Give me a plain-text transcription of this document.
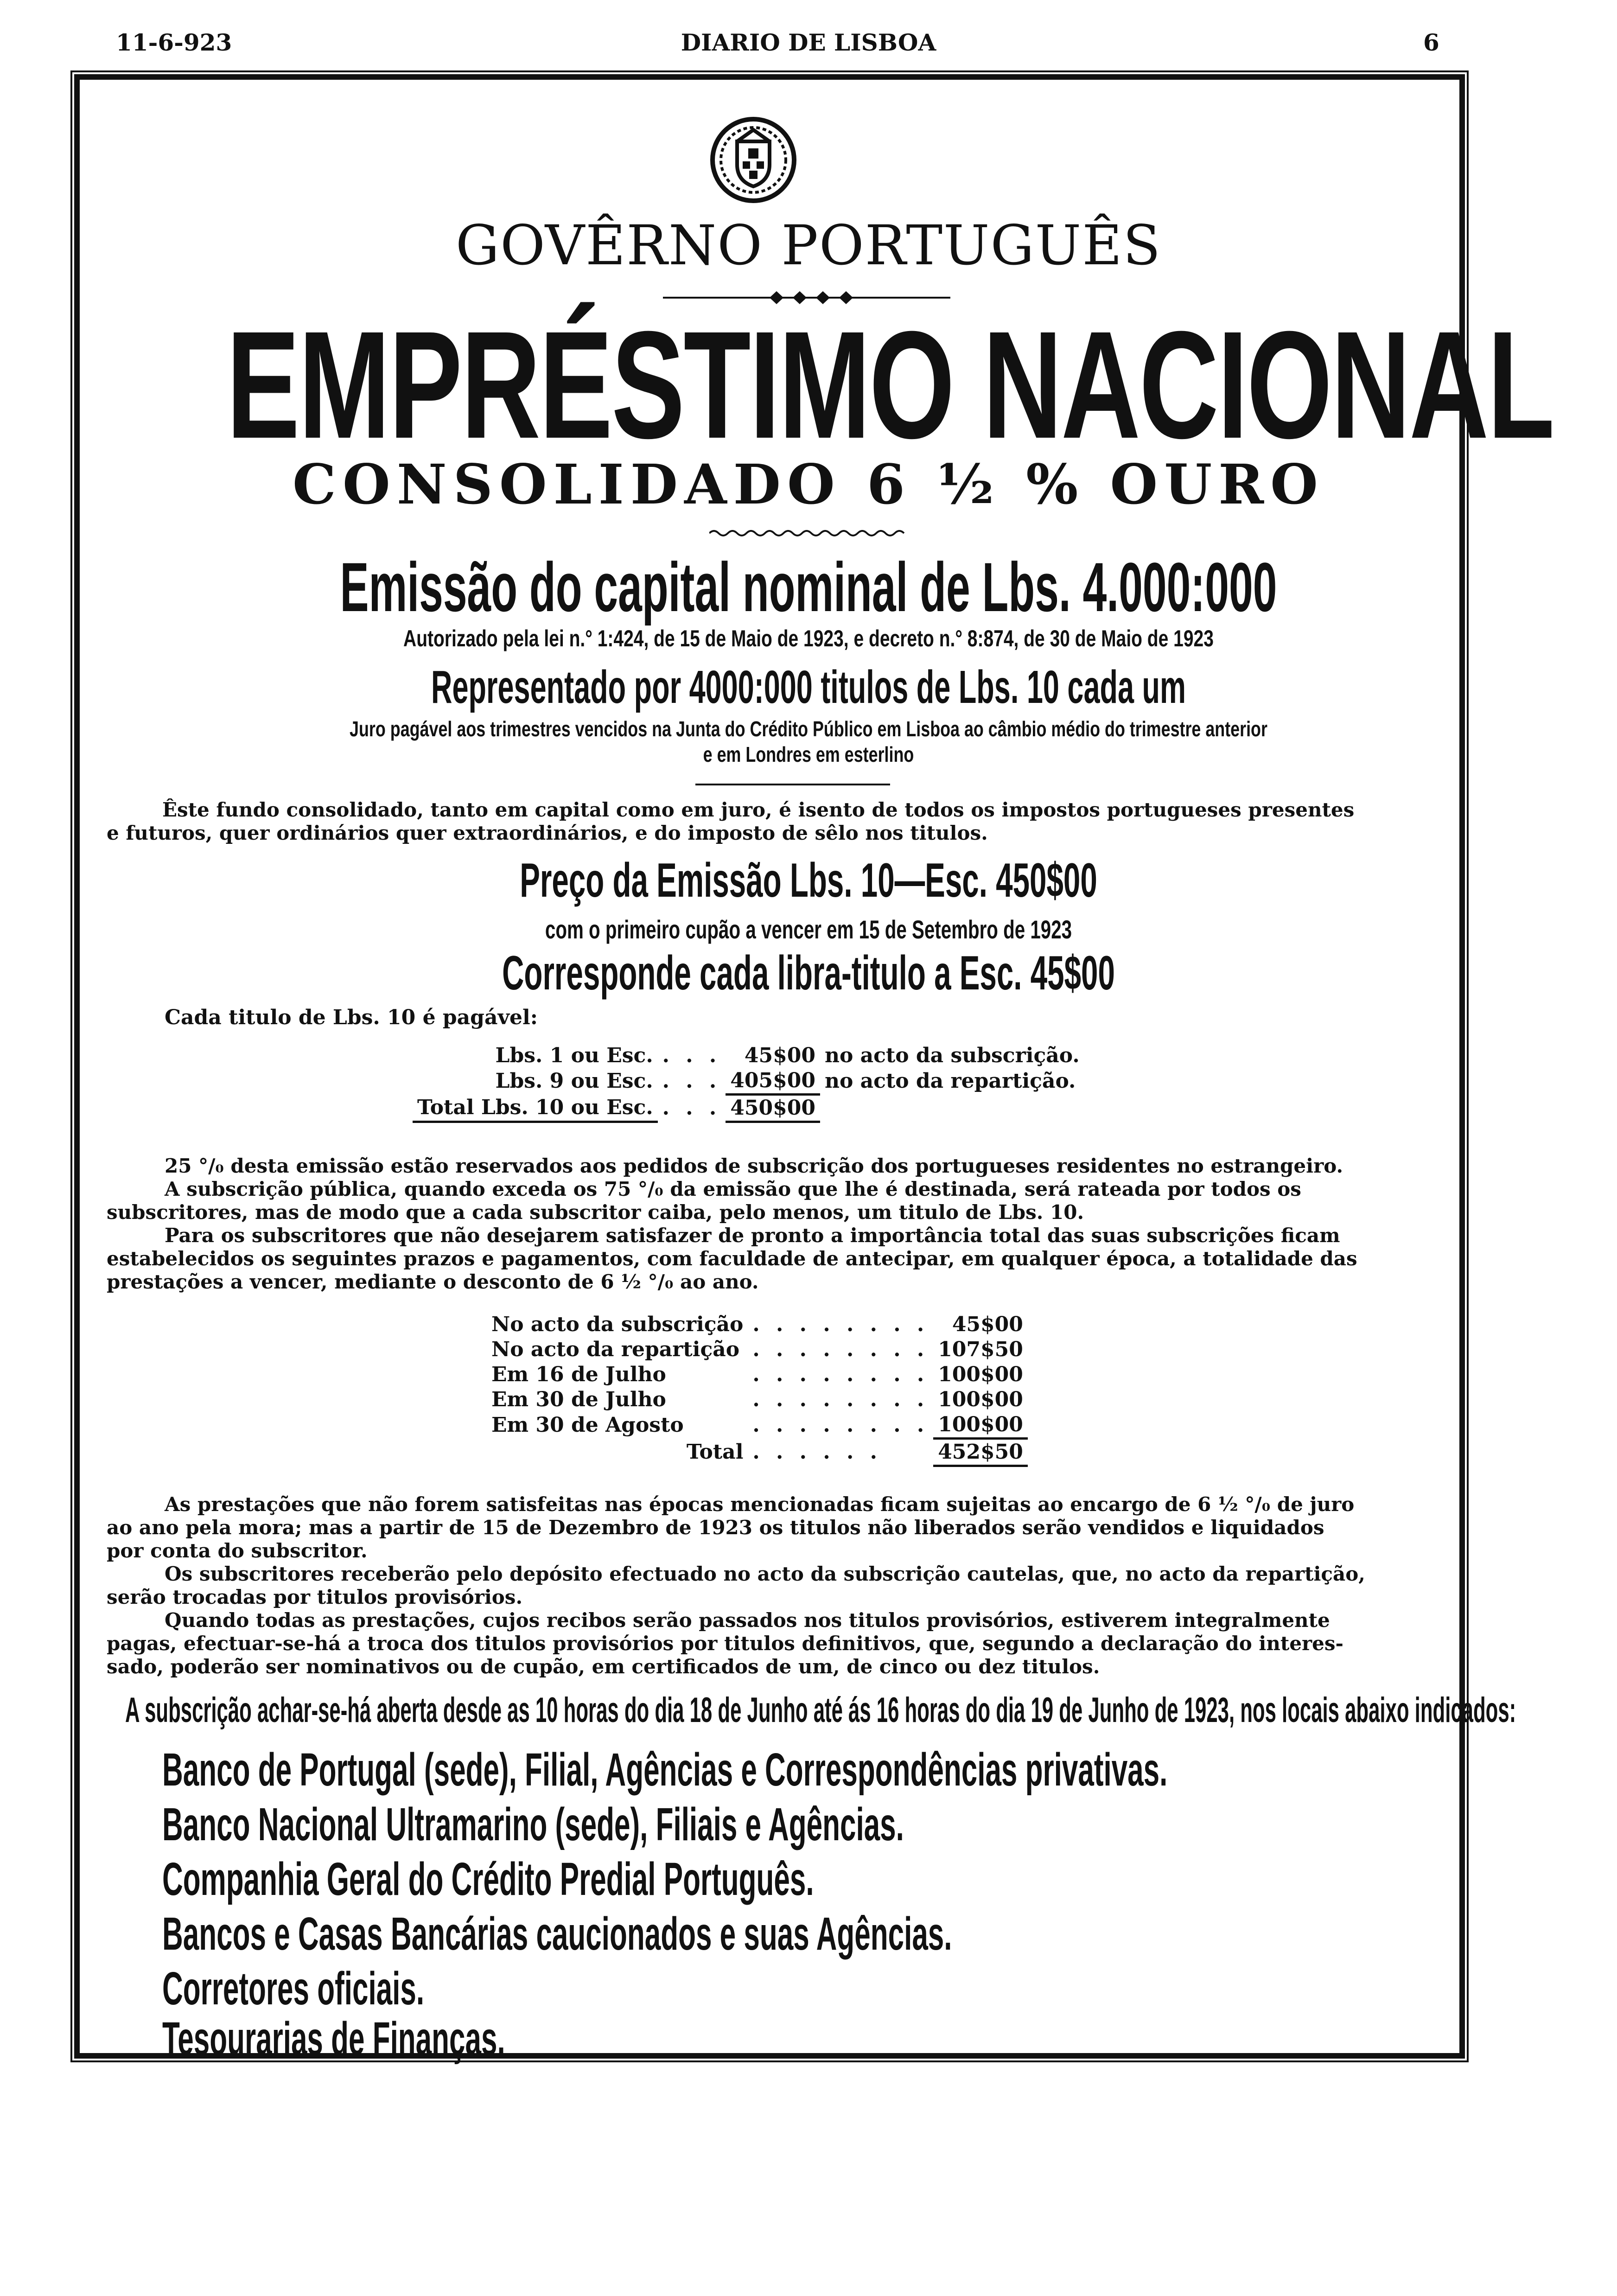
11-6-923	DIARIO DE LISBOA	6
GOVÊRNO PORTUGUÊS
EMPRÉSTIMO NACIONAL
CONSOLIDADO 6 ½ % OURO
Emissão do capital nominal de Lbs. 4.000:000
Autorizado pela lei n.° 1:424, de 15 de Maio de 1923, e decreto n.° 8:874, de 30 de Maio de 1923
Representado por 4000:000 titulos de Lbs. 10 cada um
Juro pagável aos trimestres vencidos na Junta do Crédito Público em Lisboa ao câmbio médio do trimestre anterior
e em Londres em esterlino
Êste fundo consolidado, tanto em capital como em juro, é isento de todos os impostos portugueses presentes
e futuros, quer ordinários quer extraordinários, e do imposto de sêlo nos titulos.
Preço da Emissão Lbs. 10—Esc. 450$00
com o primeiro cupão a vencer em 15 de Setembro de 1923
Corresponde cada libra-titulo a Esc. 45$00
Cada titulo de Lbs. 10 é pagável:
Lbs. 1 ou Esc.	. . .	45$00	no acto da subscrição.
Lbs. 9 ou Esc.	. . .	405$00	no acto da repartição.
Total Lbs. 10 ou Esc.	. . .	450$00	
25 °/₀ desta emissão estão reservados aos pedidos de subscrição dos portugueses residentes no estrangeiro.
A subscrição pública, quando exceda os 75 °/₀ da emissão que lhe é destinada, será rateada por todos os
subscritores, mas de modo que a cada subscritor caiba, pelo menos, um titulo de Lbs. 10.
Para os subscritores que não desejarem satisfazer de pronto a importância total das suas subscrições ficam
estabelecidos os seguintes prazos e pagamentos, com faculdade de antecipar, em qualquer época, a totalidade das
prestações a vencer, mediante o desconto de 6 ½ °/₀ ao ano.
No acto da subscrição	. . . . . . . .	45$00
No acto da repartição	. . . . . . . .	107$50
Em 16 de Julho	. . . . . . . .	100$00
Em 30 de Julho	. . . . . . . .	100$00
Em 30 de Agosto	. . . . . . . .	100$00
Total	. . . . . .	452$50
As prestações que não forem satisfeitas nas épocas mencionadas ficam sujeitas ao encargo de 6 ½ °/₀ de juro
ao ano pela mora; mas a partir de 15 de Dezembro de 1923 os titulos não liberados serão vendidos e liquidados
por conta do subscritor.
Os subscritores receberão pelo depósito efectuado no acto da subscrição cautelas, que, no acto da repartição,
serão trocadas por titulos provisórios.
Quando todas as prestações, cujos recibos serão passados nos titulos provisórios, estiverem integralmente
pagas, efectuar-se-há a troca dos titulos provisórios por titulos definitivos, que, segundo a declaração do interes-
sado, poderão ser nominativos ou de cupão, em certificados de um, de cinco ou dez titulos.
A subscrição achar-se-há aberta desde as 10 horas do dia 18 de Junho até ás 16 horas do dia 19 de Junho de 1923, nos locais abaixo indicados:
Banco de Portugal (sede), Filial, Agências e Correspondências privativas.
Banco Nacional Ultramarino (sede), Filiais e Agências.
Companhia Geral do Crédito Predial Português.
Bancos e Casas Bancárias caucionados e suas Agências.
Corretores oficiais.
Tesourarias de Finanças.
